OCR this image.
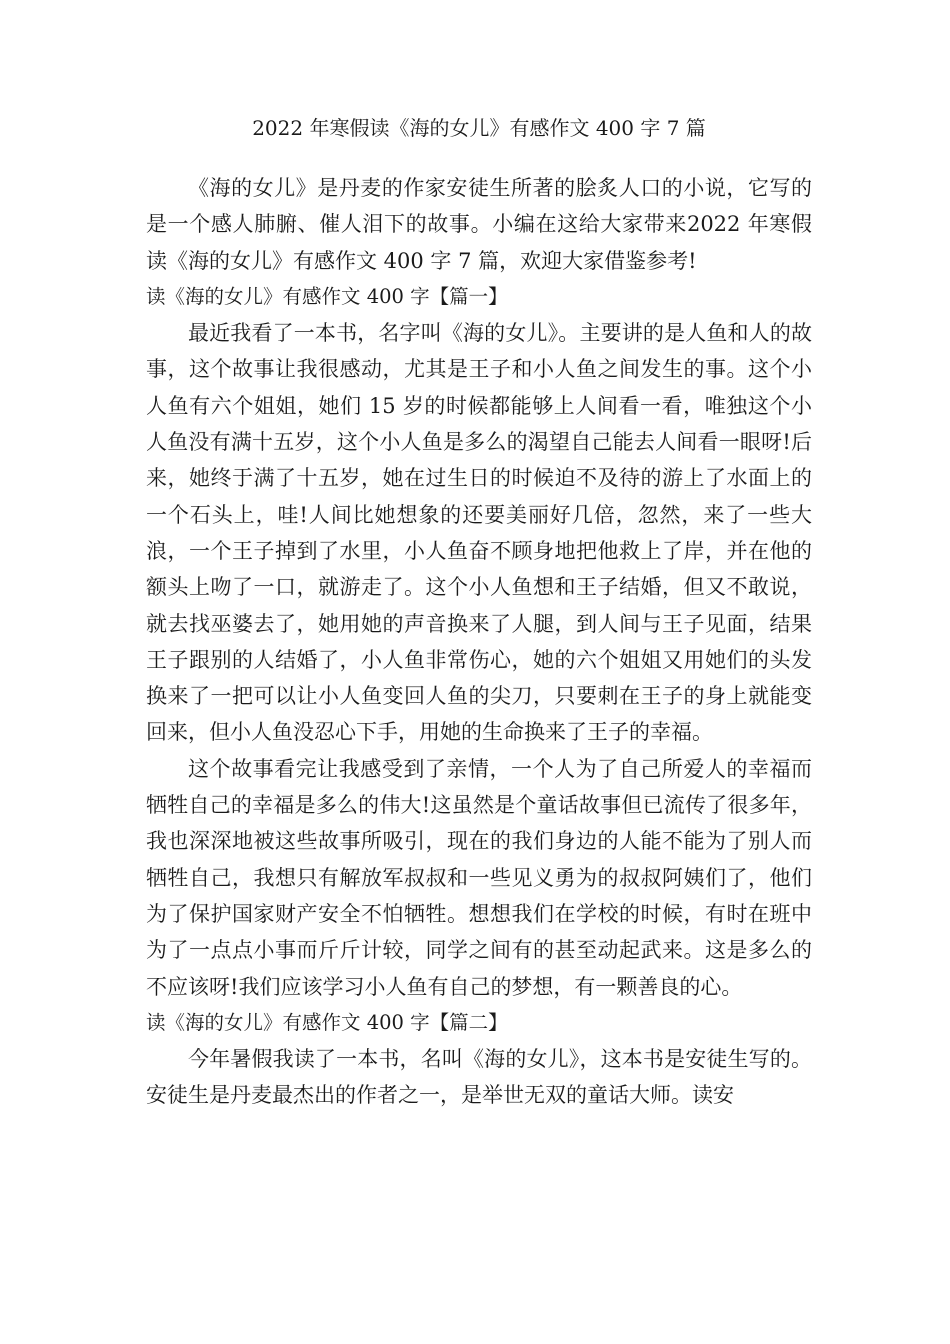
2022 年寒假读《海的女儿》有感作文 400 字 7 篇

《海的女儿》是丹麦的作家安徒生所著的脍炙人口的小说，它写的是一个感人肺腑、催人泪下的故事。小编在这给大家带来2022 年寒假读《海的女儿》有感作文 400 字 7 篇，欢迎大家借鉴参考!

读《海的女儿》有感作文 400 字【篇一】

最近我看了一本书，名字叫《海的女儿》。主要讲的是人鱼和人的故事，这个故事让我很感动，尤其是王子和小人鱼之间发生的事。这个小人鱼有六个姐姐，她们 15 岁的时候都能够上人间看一看，唯独这个小人鱼没有满十五岁，这个小人鱼是多么的渴望自己能去人间看一眼呀!后来，她终于满了十五岁，她在过生日的时候迫不及待的游上了水面上的一个石头上，哇!人间比她想象的还要美丽好几倍，忽然，来了一些大浪，一个王子掉到了水里，小人鱼奋不顾身地把他救上了岸，并在他的额头上吻了一口，就游走了。这个小人鱼想和王子结婚，但又不敢说，就去找巫婆去了，她用她的声音换来了人腿，到人间与王子见面，结果王子跟别的人结婚了，小人鱼非常伤心，她的六个姐姐又用她们的头发换来了一把可以让小人鱼变回人鱼的尖刀，只要刺在王子的身上就能变回来，但小人鱼没忍心下手，用她的生命换来了王子的幸福。

这个故事看完让我感受到了亲情，一个人为了自己所爱人的幸福而牺牲自己的幸福是多么的伟大!这虽然是个童话故事但已流传了很多年，我也深深地被这些故事所吸引，现在的我们身边的人能不能为了别人而牺牲自己，我想只有解放军叔叔和一些见义勇为的叔叔阿姨们了，他们为了保护国家财产安全不怕牺牲。想想我们在学校的时候，有时在班中为了一点点小事而斤斤计较，同学之间有的甚至动起武来。这是多么的不应该呀!我们应该学习小人鱼有自己的梦想，有一颗善良的心。

读《海的女儿》有感作文 400 字【篇二】

今年暑假我读了一本书，名叫《海的女儿》，这本书是安徒生写的。安徒生是丹麦最杰出的作者之一，是举世无双的童话大师。读安
